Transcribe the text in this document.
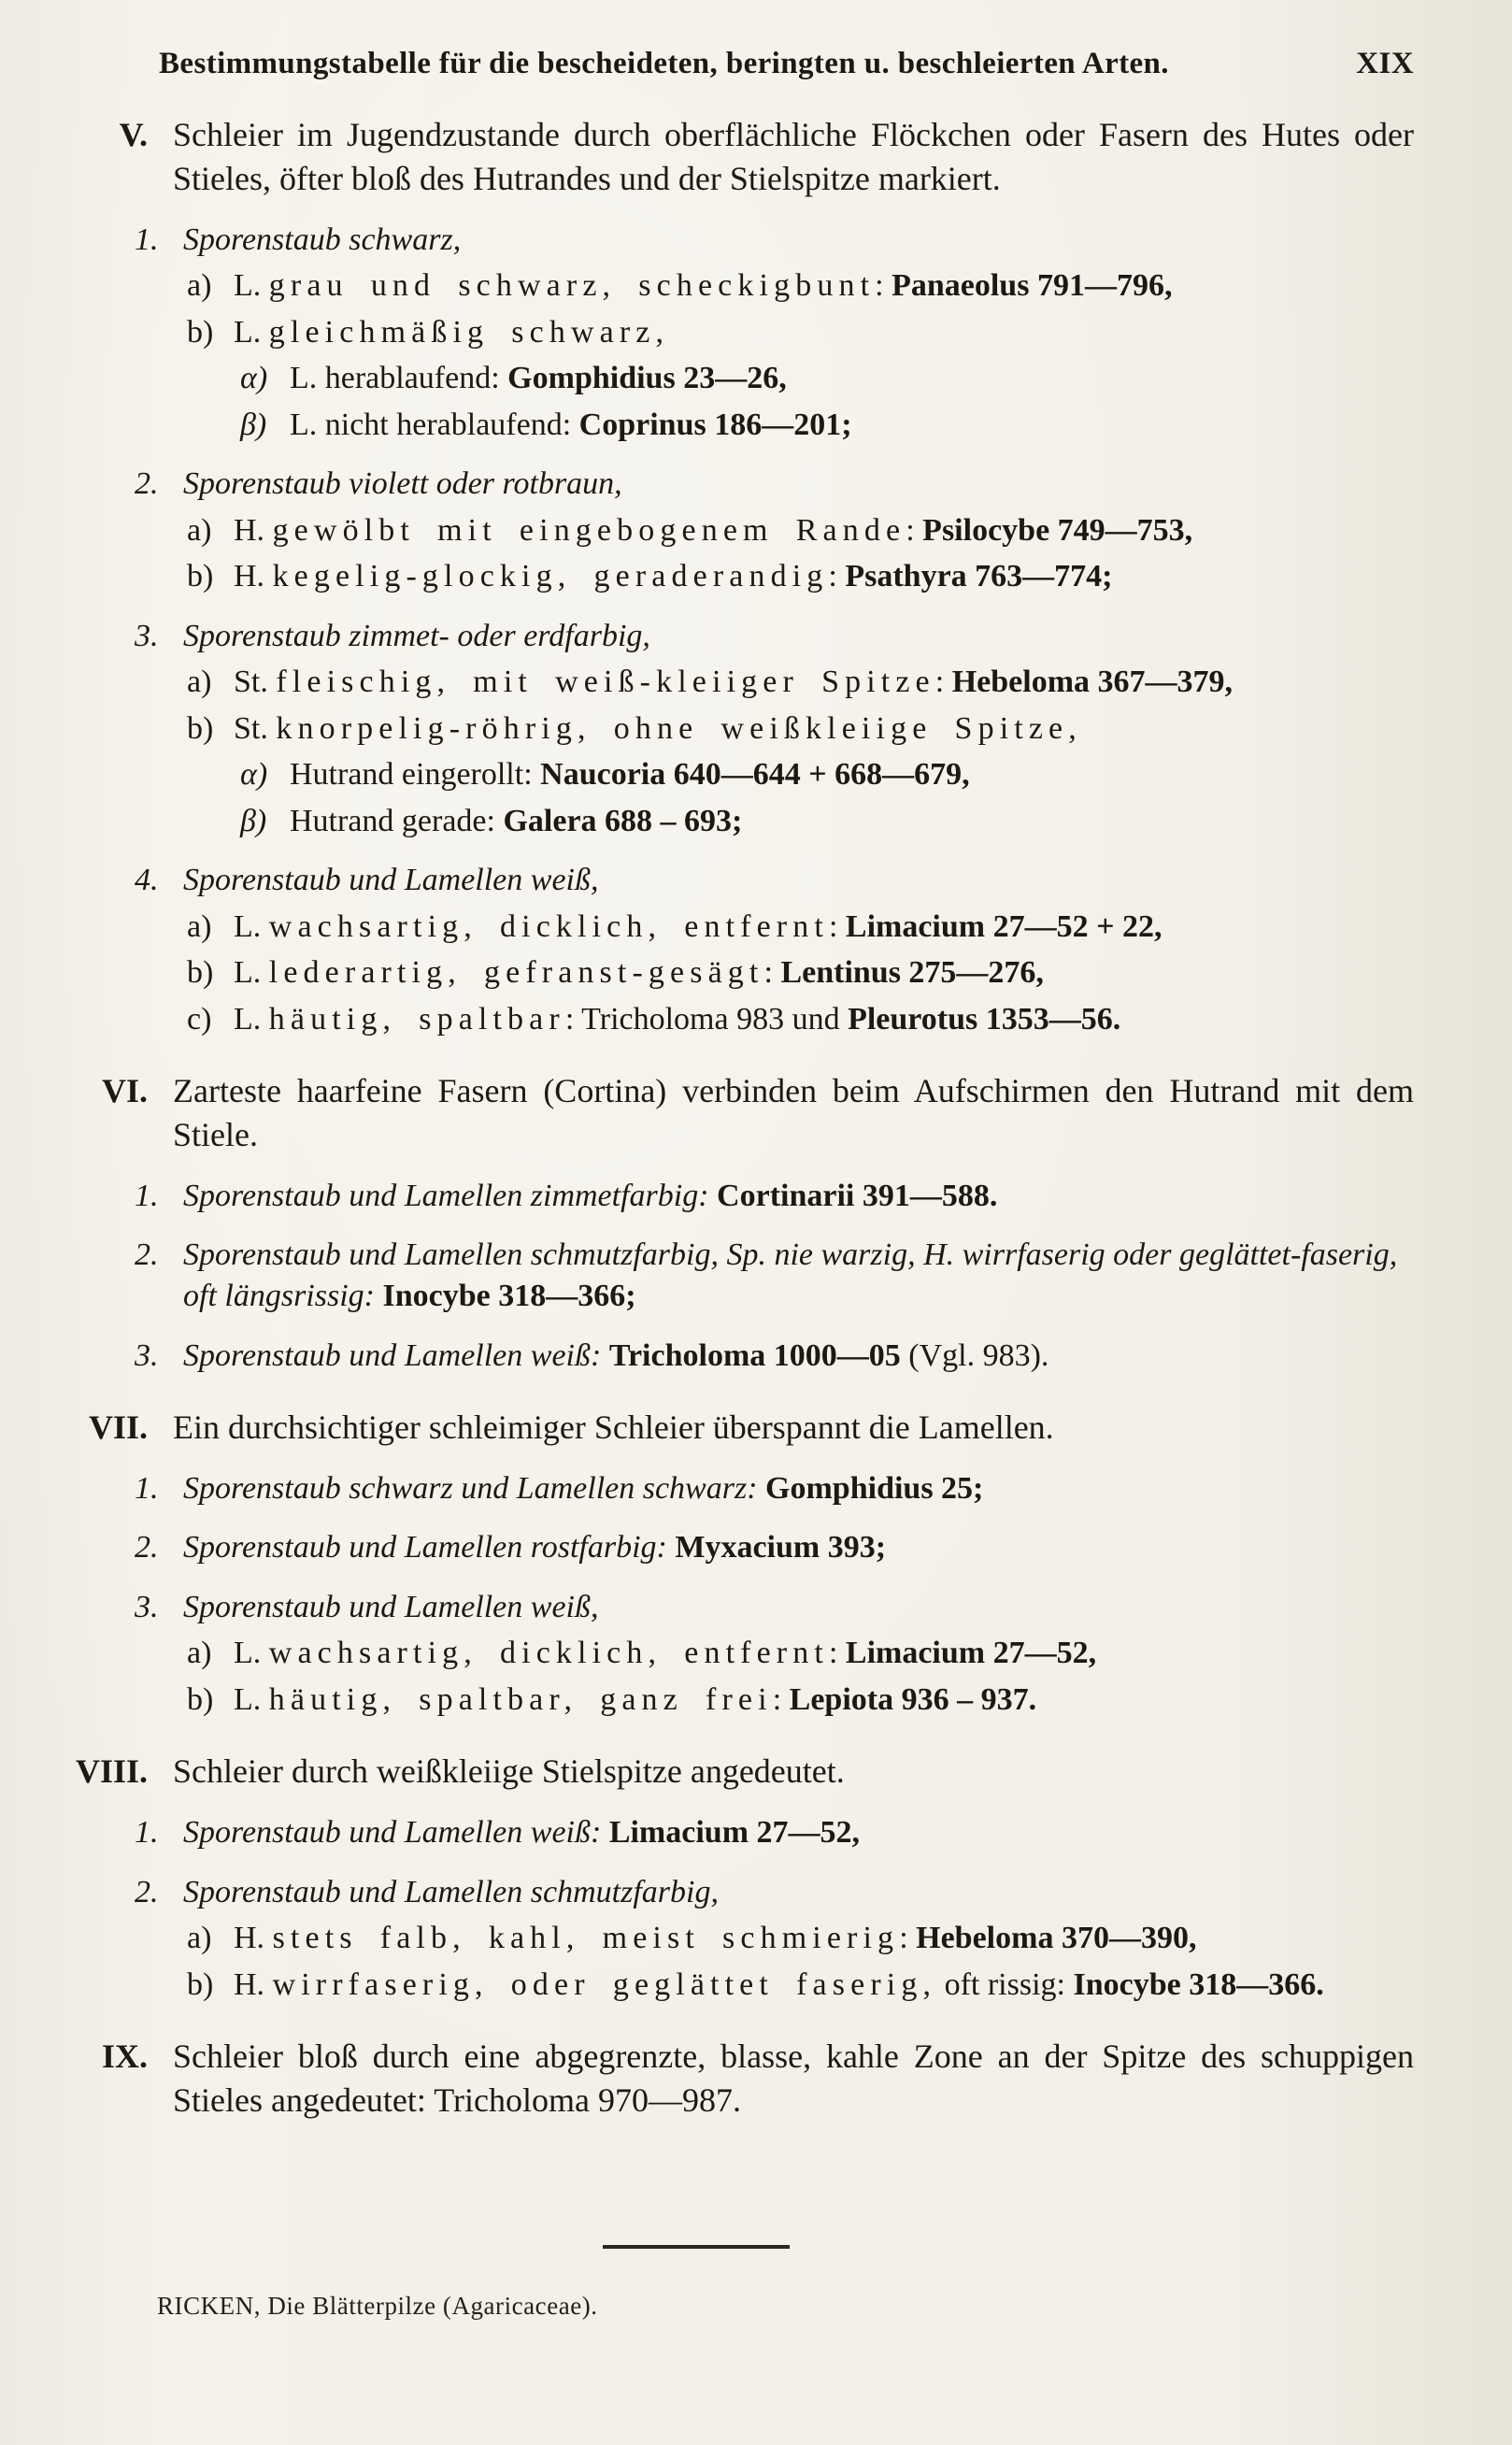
Bestimmungstabelle für die bescheideten, beringten u. beschleierten Arten.	XIX
V. Schleier im Jugendzustande durch oberflächliche Flöckchen oder Fasern des Hutes oder Stieles, öfter bloß des Hutrandes und der Stielspitze markiert.
1. Sporenstaub schwarz,
a) L. grau und schwarz, scheckigbunt: Panaeolus 791—796,
b) L. gleichmäßig schwarz,
α) L. herablaufend: Gomphidius 23—26,
β) L. nicht herablaufend: Coprinus 186—201;
2. Sporenstaub violett oder rotbraun,
a) H. gewölbt mit eingebogenem Rande: Psilocybe 749—753,
b) H. kegelig-glockig, geraderandig: Psathyra 763—774;
3. Sporenstaub zimmet- oder erdfarbig,
a) St. fleischig, mit weiß-kleiiger Spitze: Hebeloma 367—379,
b) St. knorpelig-röhrig, ohne weißkleiige Spitze,
α) Hutrand eingerollt: Naucoria 640—644 + 668—679,
β) Hutrand gerade: Galera 688 – 693;
4. Sporenstaub und Lamellen weiß,
a) L. wachsartig, dicklich, entfernt: Limacium 27—52 + 22,
b) L. lederartig, gefranst-gesägt: Lentinus 275—276,
c) L. häutig, spaltbar: Tricholoma 983 und Pleurotus 1353—56.
VI. Zarteste haarfeine Fasern (Cortina) verbinden beim Aufschirmen den Hutrand mit dem Stiele.
1. Sporenstaub und Lamellen zimmetfarbig: Cortinarii 391—588.
2. Sporenstaub und Lamellen schmutzfarbig, Sp. nie warzig, H. wirrfaserig oder geglättet-faserig, oft längsrissig: Inocybe 318—366;
3. Sporenstaub und Lamellen weiß: Tricholoma 1000—05 (Vgl. 983).
VII. Ein durchsichtiger schleimiger Schleier überspannt die Lamellen.
1. Sporenstaub schwarz und Lamellen schwarz: Gomphidius 25;
2. Sporenstaub und Lamellen rostfarbig: Myxacium 393;
3. Sporenstaub und Lamellen weiß,
a) L. wachsartig, dicklich, entfernt: Limacium 27—52,
b) L. häutig, spaltbar, ganz frei: Lepiota 936 – 937.
VIII. Schleier durch weißkleiige Stielspitze angedeutet.
1. Sporenstaub und Lamellen weiß: Limacium 27—52,
2. Sporenstaub und Lamellen schmutzfarbig,
a) H. stets falb, kahl, meist schmierig: Hebeloma 370—390,
b) H. wirrfaserig, oder geglättet faserig, oft rissig: Inocybe 318—366.
IX. Schleier bloß durch eine abgegrenzte, blasse, kahle Zone an der Spitze des schuppigen Stieles angedeutet: Tricholoma 970—987.
RICKEN, Die Blätterpilze (Agaricaceae).
